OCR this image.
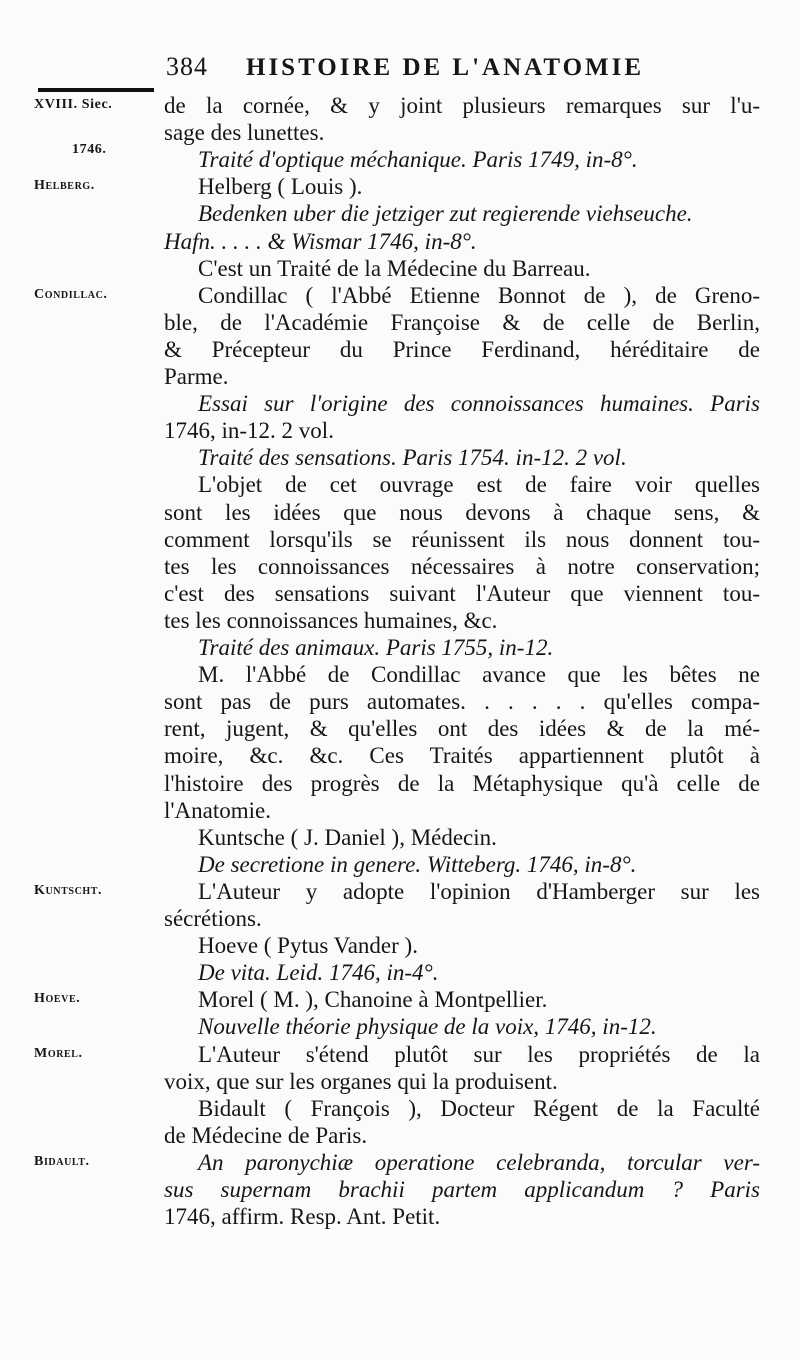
384 HISTOIRE DE L'ANATOMIE
XVIII. Siec.
1746.
Helberg.
Condillac.
Kuntscht.
Hoeve.
Morel.
Bidault.
de la cornée, & y joint plusieurs remarques sur l'u-
sage des lunettes.
Traité d'optique méchanique. Paris 1749, in-8°.
Helberg ( Louis ).
Bedenken uber die jetziger zut regierende viehseuche.
Hafn. . . . . & Wismar 1746, in-8°.
C'est un Traité de la Médecine du Barreau.
Condillac ( l'Abbé Etienne Bonnot de ), de Greno-
ble, de l'Académie Françoise & de celle de Berlin,
& Précepteur du Prince Ferdinand, héréditaire de
Parme.
Essai sur l'origine des connoissances humaines. Paris
1746, in-12. 2 vol.
Traité des sensations. Paris 1754. in-12. 2 vol.
L'objet de cet ouvrage est de faire voir quelles
sont les idées que nous devons à chaque sens, &
comment lorsqu'ils se réunissent ils nous donnent tou-
tes les connoissances nécessaires à notre conservation;
c'est des sensations suivant l'Auteur que viennent tou-
tes les connoissances humaines, &c.
Traité des animaux. Paris 1755, in-12.
M. l'Abbé de Condillac avance que les bêtes ne
sont pas de purs automates. . . . . . qu'elles compa-
rent, jugent, & qu'elles ont des idées & de la mé-
moire, &c. &c. Ces Traités appartiennent plutôt à
l'histoire des progrès de la Métaphysique qu'à celle de
l'Anatomie.
Kuntsche ( J. Daniel ), Médecin.
De secretione in genere. Witteberg. 1746, in-8°.
L'Auteur y adopte l'opinion d'Hamberger sur les
sécrétions.
Hoeve ( Pytus Vander ).
De vita. Leid. 1746, in-4°.
Morel ( M. ), Chanoine à Montpellier.
Nouvelle théorie physique de la voix, 1746, in-12.
L'Auteur s'étend plutôt sur les propriétés de la
voix, que sur les organes qui la produisent.
Bidault ( François ), Docteur Régent de la Faculté
de Médecine de Paris.
An paronychiæ operatione celebranda, torcular ver-
sus supernam brachii partem applicandum ? Paris
1746, affirm. Resp. Ant. Petit.
